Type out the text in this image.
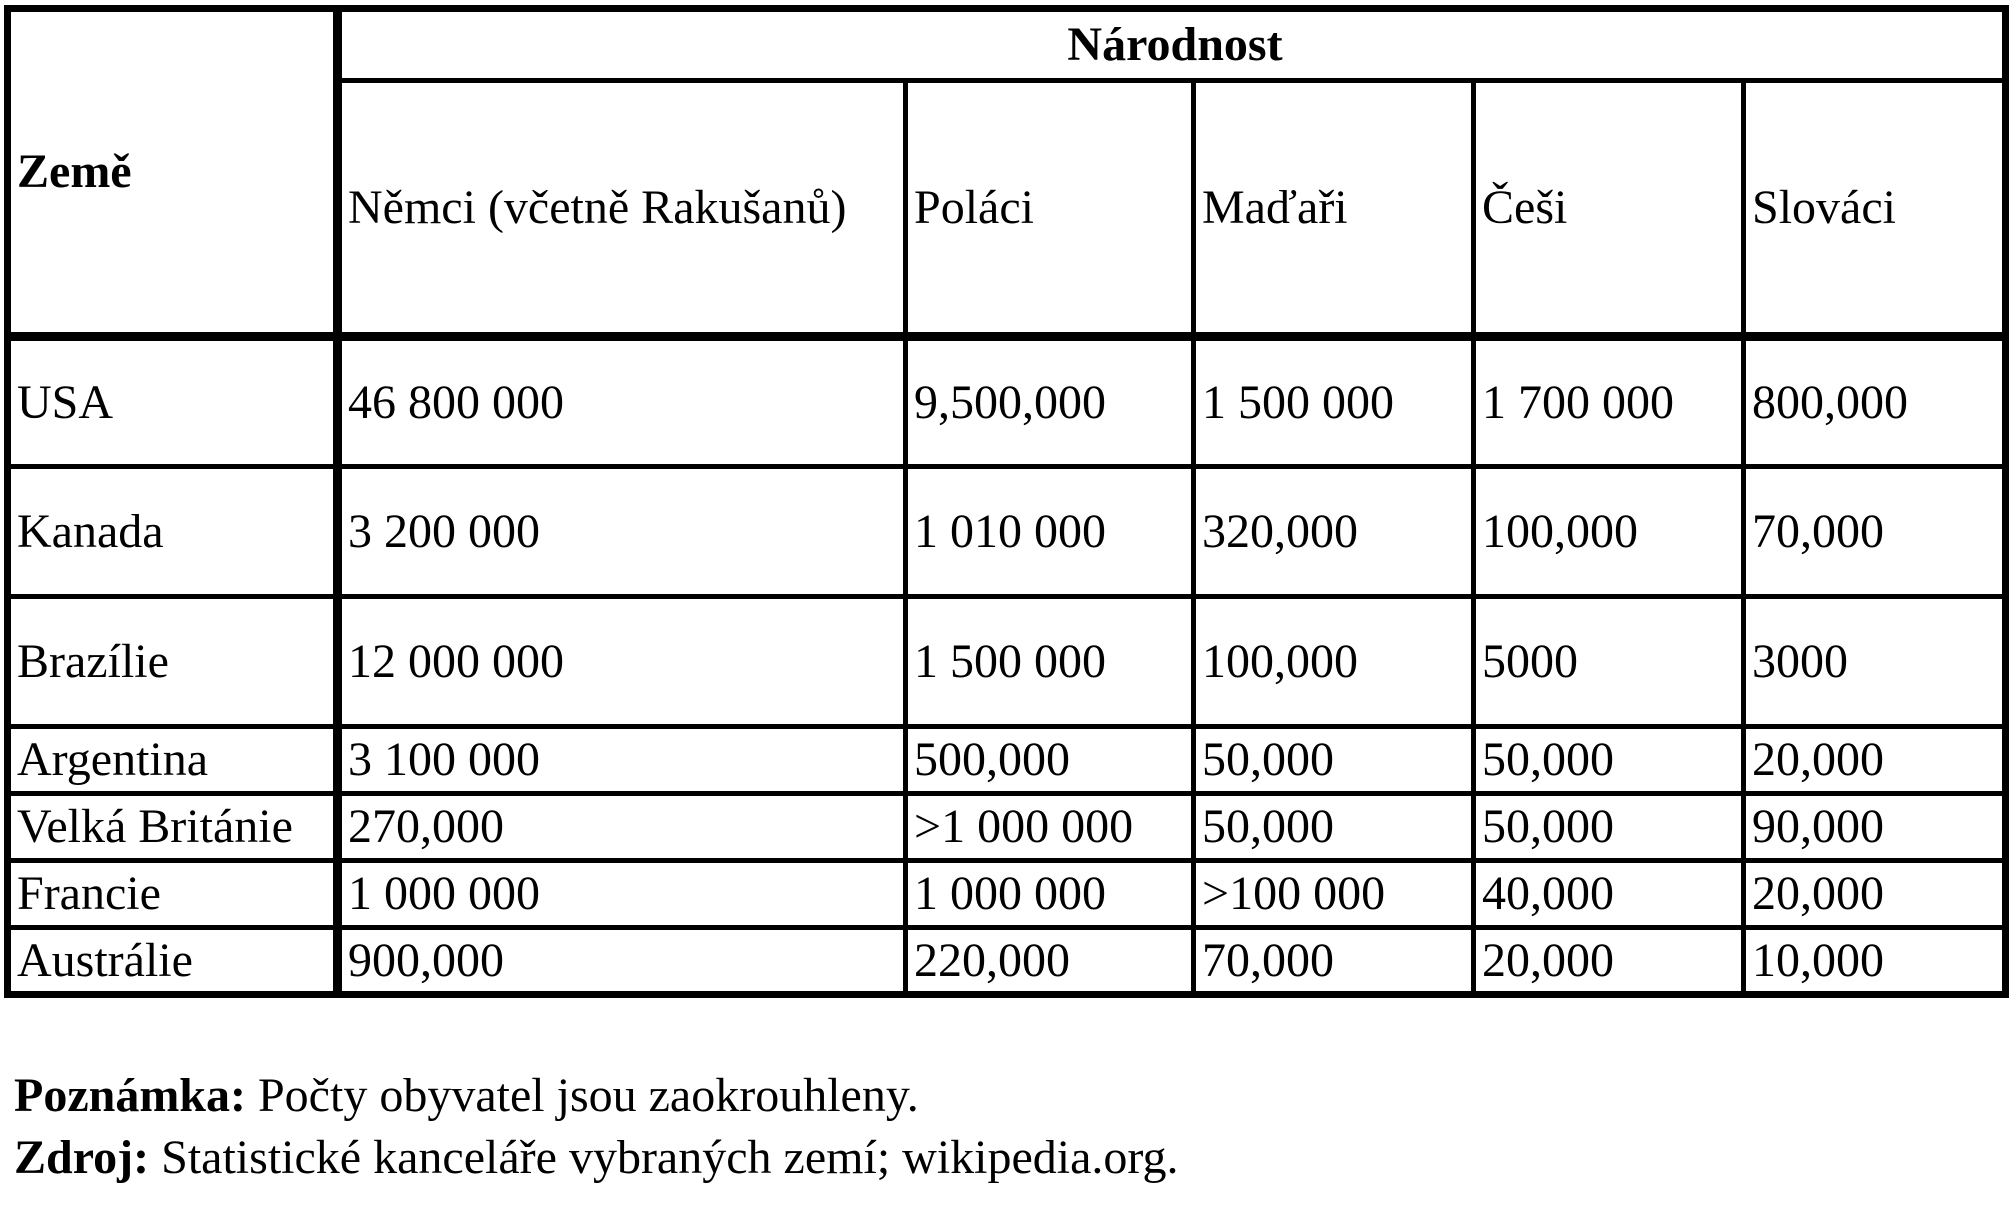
Země	Národnost				
	Němci (včetně Rakušanů)	Poláci	Maďaři	Češi	Slováci
USA	46 800 000	9,500,000	1 500 000	1 700 000	800,000
Kanada	3 200 000	1 010 000	320,000	100,000	70,000
Brazílie	12 000 000	1 500 000	100,000	5000	3000
Argentina	3 100 000	500,000	50,000	50,000	20,000
Velká Británie	270,000	>1 000 000	50,000	50,000	90,000
Francie	1 000 000	1 000 000	>100 000	40,000	20,000
Austrálie	900,000	220,000	70,000	20,000	10,000
Poznámka: Počty obyvatel jsou zaokrouhleny.
Zdroj: Statistické kanceláře vybraných zemí; wikipedia.org.
